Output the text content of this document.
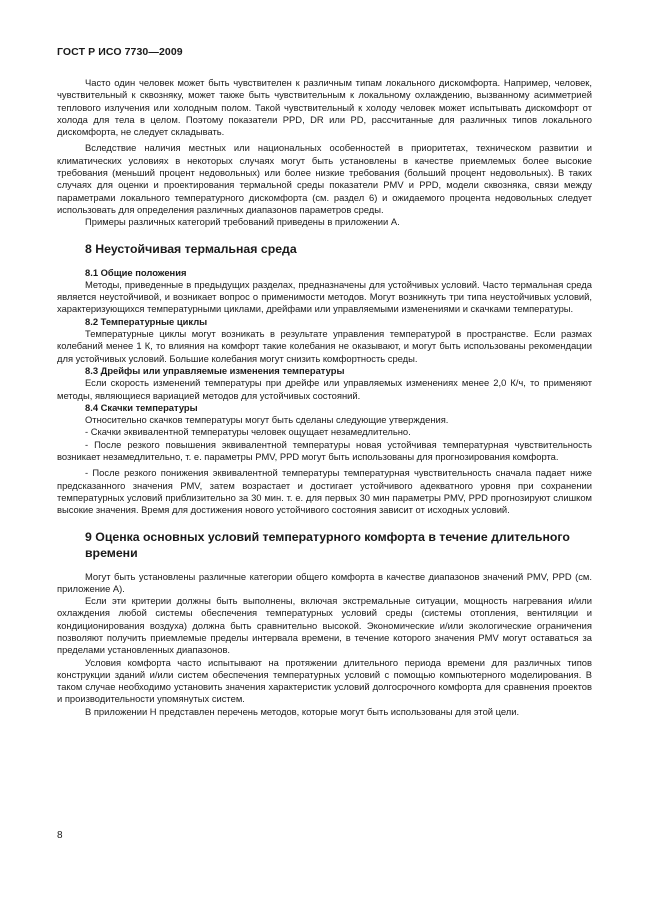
ГОСТ Р ИСО 7730—2009

Часто один человек может быть чувствителен к различным типам локального дискомфорта. Например, человек, чувствительный к сквозняку, может также быть чувствительным к локальному охлаждению, вызванному асимметрией теплового излучения или холодным полом. Такой чувствительный к холоду человек может испытывать дискомфорт от холода для тела в целом. Поэтому показатели PPD, DR или PD, рассчитанные для различных типов локального дискомфорта, не следует складывать.

Вследствие наличия местных или национальных особенностей в приоритетах, техническом развитии и климатических условиях в некоторых случаях могут быть установлены в качестве приемлемых более высокие требования (меньший процент недовольных) или более низкие требования (больший процент недовольных). В таких случаях для оценки и проектирования термальной среды показатели PMV и PPD, модели сквозняка, связи между параметрами локального температурного дискомфорта (см. раздел 6) и ожидаемого процента недовольных следует использовать для определения различных диапазонов параметров среды.

Примеры различных категорий требований приведены в приложении А.

8 Неустойчивая термальная среда

8.1 Общие положения

Методы, приведенные в предыдущих разделах, предназначены для устойчивых условий. Часто термальная среда является неустойчивой, и возникает вопрос о применимости методов. Могут возникнуть три типа неустойчивых условий, характеризующихся температурными циклами, дрейфами или управляемыми изменениями и скачками температуры.

8.2 Температурные циклы

Температурные циклы могут возникать в результате управления температурой в пространстве. Если размах колебаний менее 1 К, то влияния на комфорт такие колебания не оказывают, и могут быть использованы рекомендации для устойчивых условий. Большие колебания могут снизить комфортность среды.

8.3 Дрейфы или управляемые изменения температуры

Если скорость изменений температуры при дрейфе или управляемых изменениях менее 2,0 К/ч, то применяют методы, являющиеся вариацией методов для устойчивых состояний.

8.4 Скачки температуры

Относительно скачков температуры могут быть сделаны следующие утверждения.

- Скачки эквивалентной температуры человек ощущает незамедлительно.

- После резкого повышения эквивалентной температуры новая устойчивая температурная чувствительность возникает незамедлительно, т. е. параметры PMV, PPD могут быть использованы для прогнозирования комфорта.

- После резкого понижения эквивалентной температуры температурная чувствительность сначала падает ниже предсказанного значения PMV, затем возрастает и достигает устойчивого адекватного уровня при сохранении температурных условий приблизительно за 30 мин. т. е. для первых 30 мин параметры PMV, PPD прогнозируют слишком высокие значения. Время для достижения нового устойчивого состояния зависит от исходных условий.

9 Оценка основных условий температурного комфорта в течение длительного времени

Могут быть установлены различные категории общего комфорта в качестве диапазонов значений PMV, PPD (см. приложение А).

Если эти критерии должны быть выполнены, включая экстремальные ситуации, мощность нагревания и/или охлаждения любой системы обеспечения температурных условий среды (системы отопления, вентиляции и кондиционирования воздуха) должна быть сравнительно высокой. Экономические и/или экологические ограничения позволяют получить приемлемые пределы интервала времени, в течение которого значения PMV могут оставаться за пределами установленных диапазонов.

Условия комфорта часто испытывают на протяжении длительного периода времени для различных типов конструкции зданий и/или систем обеспечения температурных условий с помощью компьютерного моделирования. В таком случае необходимо установить значения характеристик условий долгосрочного комфорта для сравнения проектов и производительности упомянутых систем.

В приложении Н представлен перечень методов, которые могут быть использованы для этой цели.

8
